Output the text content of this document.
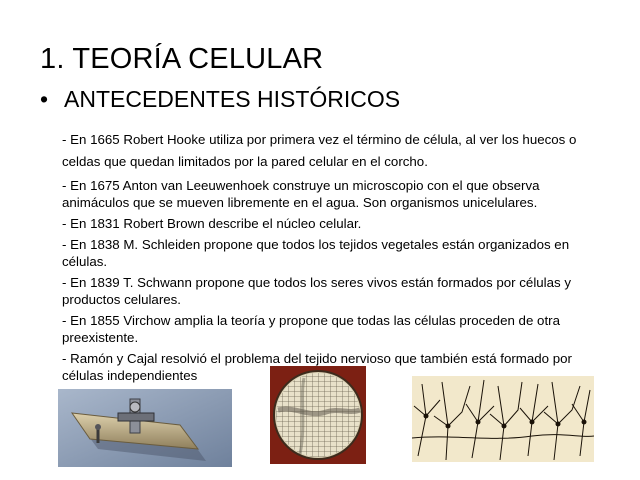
1. TEORÍA CELULAR
• ANTECEDENTES HISTÓRICOS
- En 1665 Robert Hooke utiliza por primera vez el término de célula, al ver los huecos o celdas que quedan limitados por la pared celular en el corcho.
- En 1675 Anton van Leeuwenhoek construye un microscopio con el que observa animáculos que se mueven libremente en el agua. Son organismos unicelulares.
- En 1831 Robert Brown describe el núcleo celular.
- En 1838 M. Schleiden propone que todos los tejidos vegetales están organizados en células.
- En 1839 T. Schwann propone que todos los seres vivos están formados por células y productos celulares.
- En 1855 Virchow amplia la teoría y propone que todas las células proceden de otra preexistente.
- Ramón y Cajal resolvió el problema del tejido nervioso que también está formado por células independientes
